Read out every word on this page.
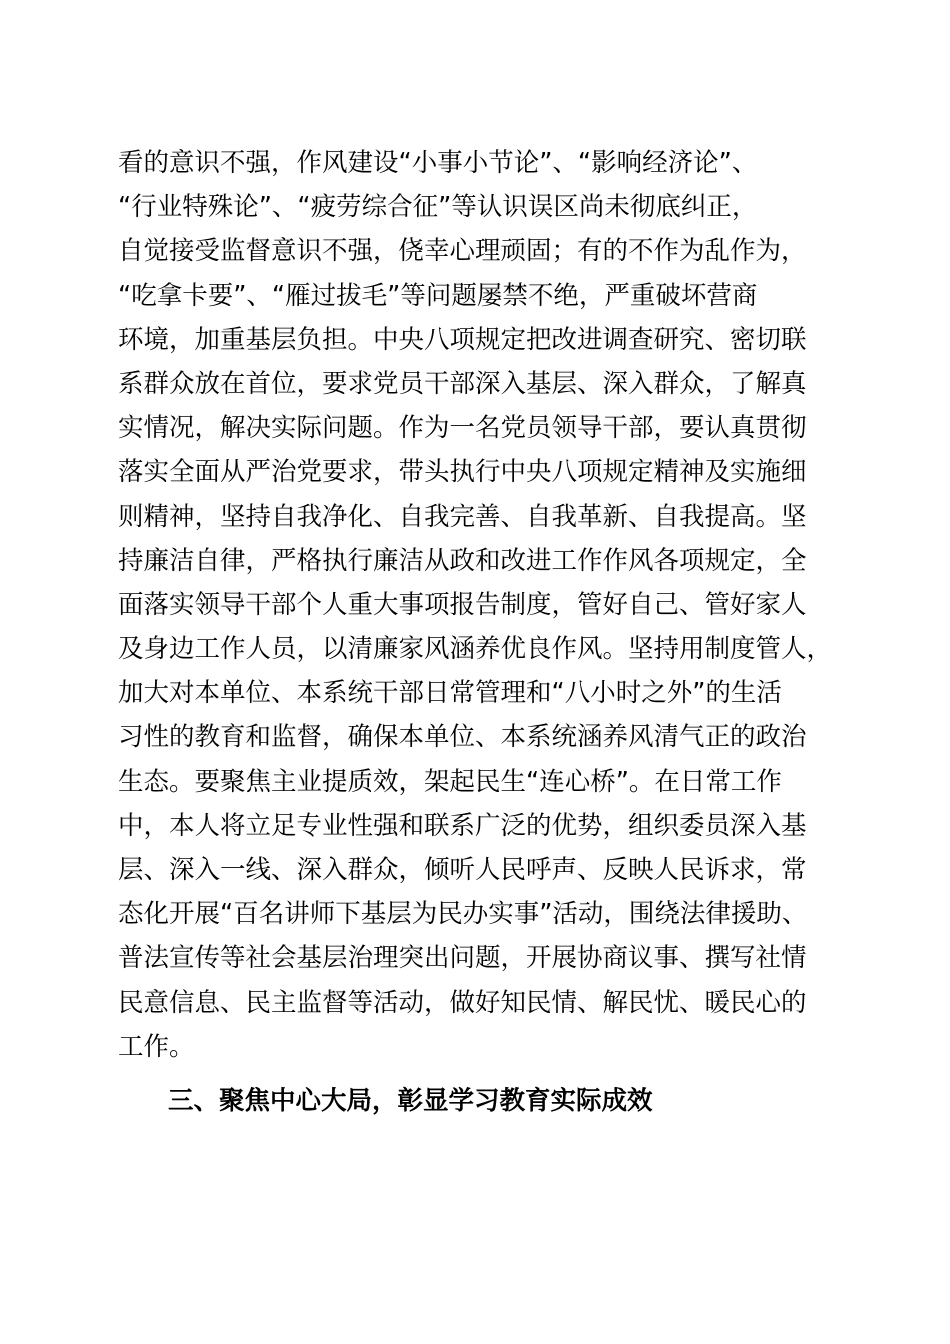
看的意识不强，作风建设“小事小节论”、“影响经济论”、
“行业特殊论”、“疲劳综合征”等认识误区尚未彻底纠正，
自觉接受监督意识不强，侥幸心理顽固；有的不作为乱作为，
“吃拿卡要”、“雁过拔毛”等问题屡禁不绝，严重破坏营商
环境，加重基层负担。中央八项规定把改进调查研究、密切联
系群众放在首位，要求党员干部深入基层、深入群众，了解真
实情况，解决实际问题。作为一名党员领导干部，要认真贯彻
落实全面从严治党要求，带头执行中央八项规定精神及实施细
则精神，坚持自我净化、自我完善、自我革新、自我提高。坚
持廉洁自律，严格执行廉洁从政和改进工作作风各项规定，全
面落实领导干部个人重大事项报告制度，管好自己、管好家人
及身边工作人员，以清廉家风涵养优良作风。坚持用制度管人，
加大对本单位、本系统干部日常管理和“八小时之外”的生活
习性的教育和监督，确保本单位、本系统涵养风清气正的政治
生态。要聚焦主业提质效，架起民生“连心桥”。在日常工作
中，本人将立足专业性强和联系广泛的优势，组织委员深入基
层、深入一线、深入群众，倾听人民呼声、反映人民诉求，常
态化开展“百名讲师下基层为民办实事”活动，围绕法律援助、
普法宣传等社会基层治理突出问题，开展协商议事、撰写社情
民意信息、民主监督等活动，做好知民情、解民忧、暖民心的
工作。
三、聚焦中心大局，彰显学习教育实际成效
